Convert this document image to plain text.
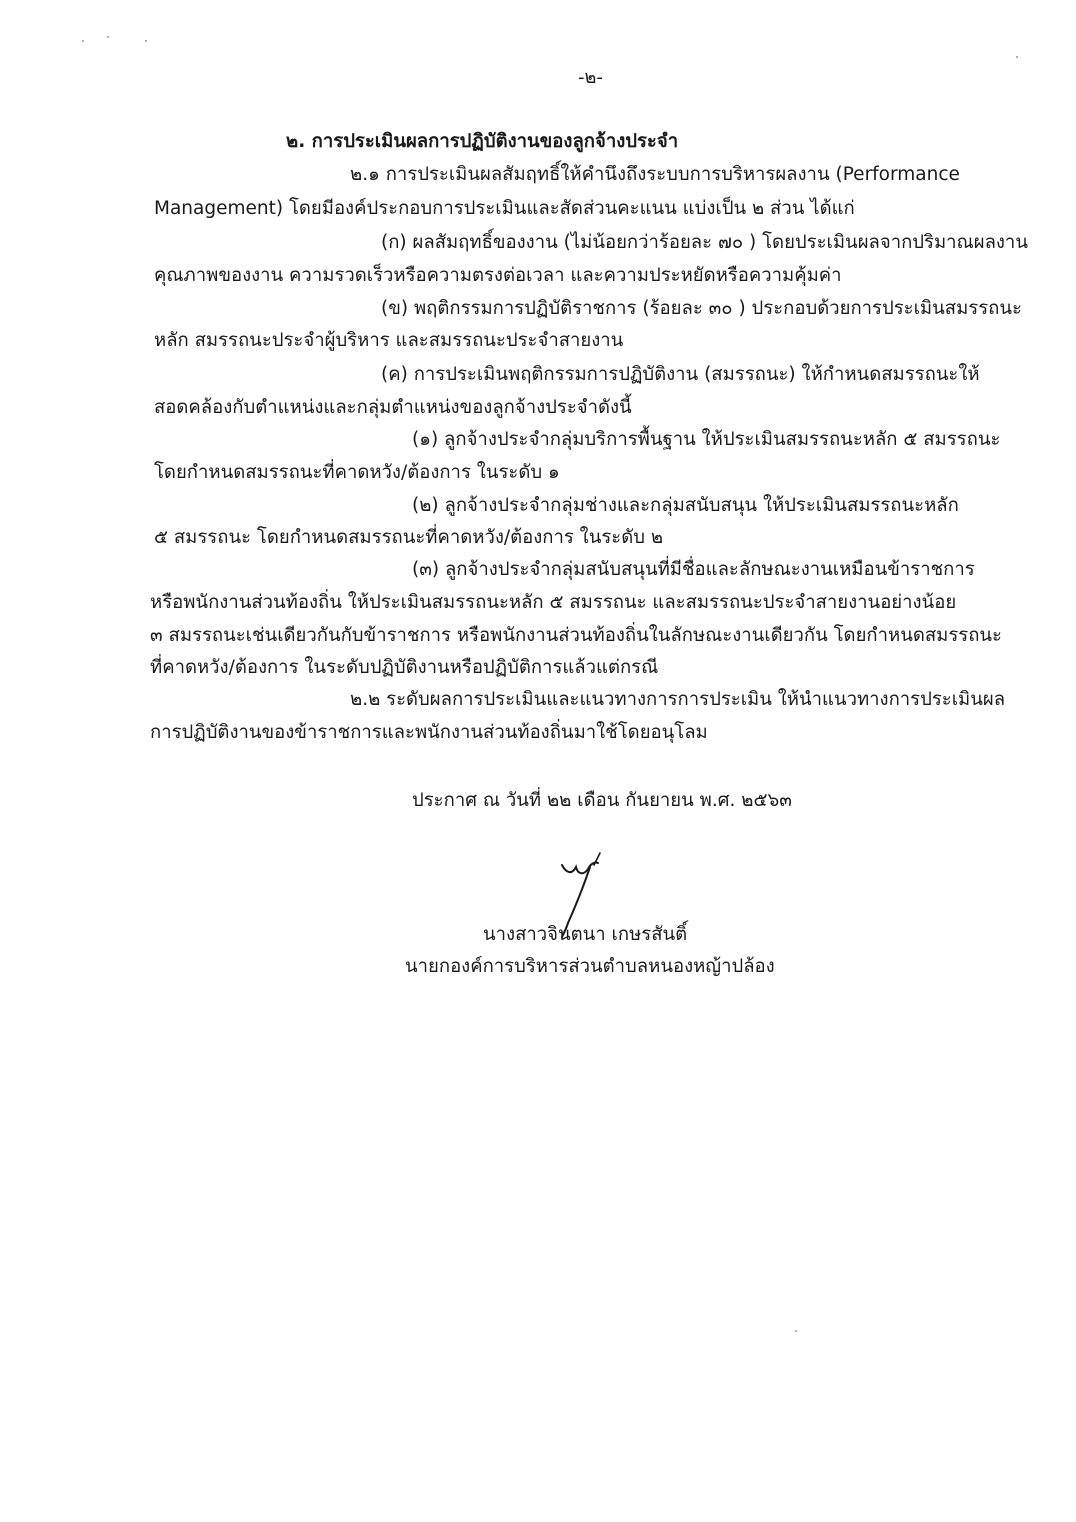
-๒-
๒. การประเมินผลการปฏิบัติงานของลูกจ้างประจำ
๒.๑ การประเมินผลสัมฤทธิ์ให้คำนึงถึงระบบการบริหารผลงาน (Performance
Management) โดยมีองค์ประกอบการประเมินและสัดส่วนคะแนน แบ่งเป็น ๒ ส่วน ได้แก่
(ก) ผลสัมฤทธิ์ของงาน (ไม่น้อยกว่าร้อยละ ๗๐ ) โดยประเมินผลจากปริมาณผลงาน
คุณภาพของงาน ความรวดเร็วหรือความตรงต่อเวลา และความประหยัดหรือความคุ้มค่า
(ข) พฤติกรรมการปฏิบัติราชการ (ร้อยละ ๓๐ ) ประกอบด้วยการประเมินสมรรถนะ
หลัก สมรรถนะประจำผู้บริหาร และสมรรถนะประจำสายงาน
(ค) การประเมินพฤติกรรมการปฏิบัติงาน (สมรรถนะ) ให้กำหนดสมรรถนะให้
สอดคล้องกับตำแหน่งและกลุ่มตำแหน่งของลูกจ้างประจำดังนี้
(๑) ลูกจ้างประจำกลุ่มบริการพื้นฐาน ให้ประเมินสมรรถนะหลัก ๕ สมรรถนะ
โดยกำหนดสมรรถนะที่คาดหวัง/ต้องการ ในระดับ ๑
(๒) ลูกจ้างประจำกลุ่มช่างและกลุ่มสนับสนุน ให้ประเมินสมรรถนะหลัก
๕ สมรรถนะ โดยกำหนดสมรรถนะที่คาดหวัง/ต้องการ ในระดับ ๒
(๓) ลูกจ้างประจำกลุ่มสนับสนุนที่มีชื่อและลักษณะงานเหมือนข้าราชการ
หรือพนักงานส่วนท้องถิ่น ให้ประเมินสมรรถนะหลัก ๕ สมรรถนะ และสมรรถนะประจำสายงานอย่างน้อย
๓ สมรรถนะเช่นเดียวกันกับข้าราชการ หรือพนักงานส่วนท้องถิ่นในลักษณะงานเดียวกัน โดยกำหนดสมรรถนะ
ที่คาดหวัง/ต้องการ ในระดับปฏิบัติงานหรือปฏิบัติการแล้วแต่กรณี
๒.๒ ระดับผลการประเมินและแนวทางการการประเมิน ให้นำแนวทางการประเมินผล
การปฏิบัติงานของข้าราชการและพนักงานส่วนท้องถิ่นมาใช้โดยอนุโลม
ประกาศ ณ วันที่ ๒๒ เดือน กันยายน พ.ศ. ๒๕๖๓
นางสาวจินตนา เกษรสันติ์
นายกองค์การบริหารส่วนตำบลหนองหญ้าปล้อง
